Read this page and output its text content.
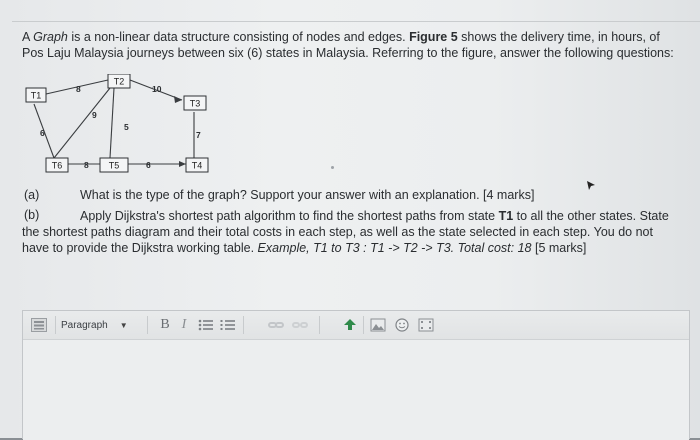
A Graph is a non-linear data structure consisting of nodes and edges. Figure 5 shows the delivery time, in hours, of Pos Laju Malaysia journeys between six (6) states in Malaysia. Referring to the figure, answer the following questions:
T1
T2
T3
T4
T5
T6
8	10
9
5
6	7
8	6
(a)	What is the type of the graph? Support your answer with an explanation. [4 marks]
(b)	Apply Dijkstra's shortest path algorithm to find the shortest paths from state T1 to all the other states. State the shortest paths diagram and their total costs in each step, as well as the state selected in each step. You do not have to provide the Dijkstra working table. Example, T1 to T3 : T1 -> T2 -> T3. Total cost: 18 [5 marks]
Paragraph ▼ B I
